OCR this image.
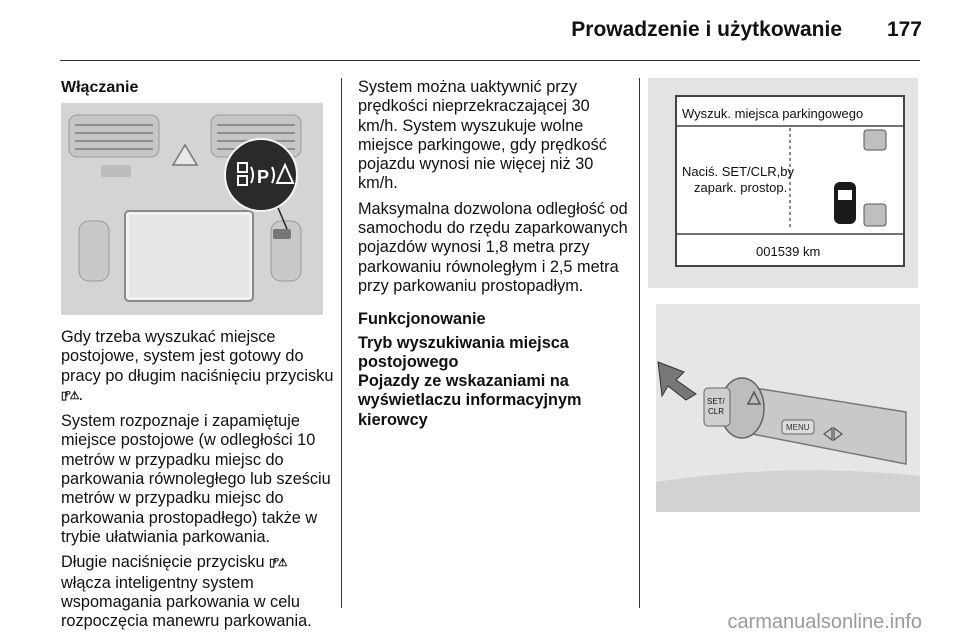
Prowadzenie i użytkowanie 177
Włączanie
P

Gdy trzeba wyszukać miejsce postojowe, system jest gotowy do pracy po długim naciśnięciu przycisku ▯ᴾ⚠.

System rozpoznaje i zapamiętuje miejsce postojowe (w odległości 10 metrów w przypadku miejsc do parkowania równoległego lub sześciu metrów w przypadku miejsc do parkowania prostopadłego) także w trybie ułatwiania parkowania.

Długie naciśnięcie przycisku ▯ᴾ⚠ włącza inteligentny system wspomagania parkowania w celu rozpoczęcia manewru parkowania.

System można uaktywnić przy prędkości nieprzekraczającej 30 km/h. System wyszukuje wolne miejsce parkingowe, gdy prędkość pojazdu wynosi nie więcej niż 30 km/h.

Maksymalna dozwolona odległość od samochodu do rzędu zaparkowanych pojazdów wynosi 1,8 metra przy parkowaniu równoległym i 2,5 metra przy parkowaniu prostopadłym.

Funkcjonowanie

Tryb wyszukiwania miejsca postojowego

Pojazdy ze wskazaniami na wyświetlaczu informacyjnym kierowcy

Wyszuk. miejsca parkingowego
Naciś. SET/CLR,by
zapark. prostop.
001539 km
SET/
CLR
MENU
carmanualsonline.info
